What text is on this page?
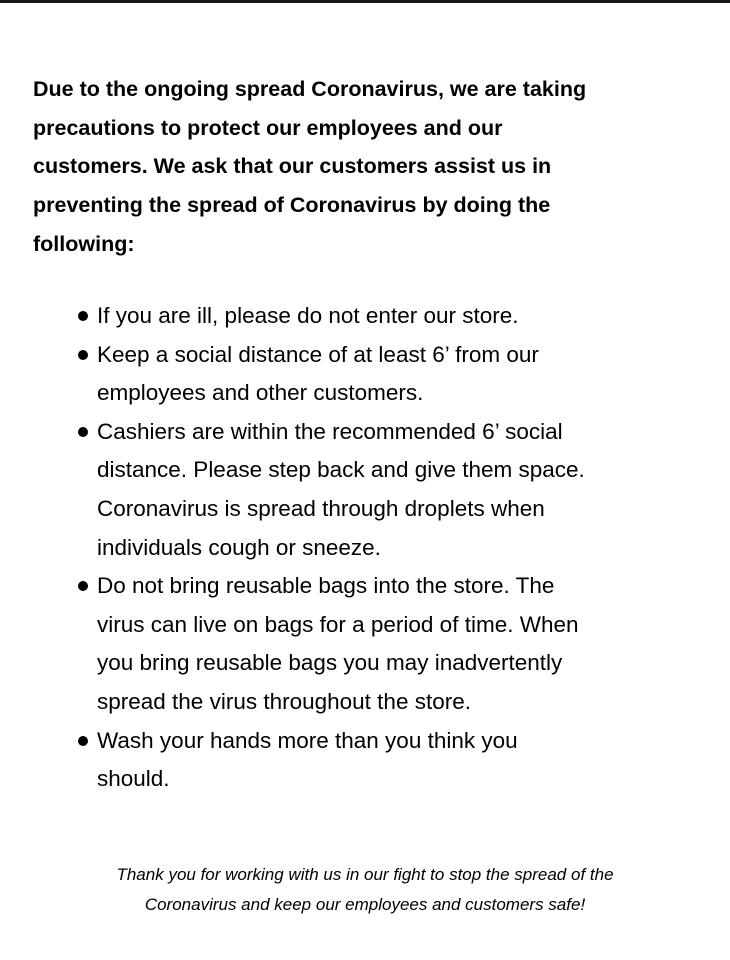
Due to the ongoing spread Coronavirus, we are taking
precautions to protect our employees and our
customers. We ask that our customers assist us in
preventing the spread of Coronavirus by doing the
following:
If you are ill, please do not enter our store.
Keep a social distance of at least 6’ from our
employees and other customers.
Cashiers are within the recommended 6’ social
distance. Please step back and give them space.
Coronavirus is spread through droplets when
individuals cough or sneeze.
Do not bring reusable bags into the store. The
virus can live on bags for a period of time. When
you bring reusable bags you may inadvertently
spread the virus throughout the store.
Wash your hands more than you think you
should.
Thank you for working with us in our fight to stop the spread of the
Coronavirus and keep our employees and customers safe!
